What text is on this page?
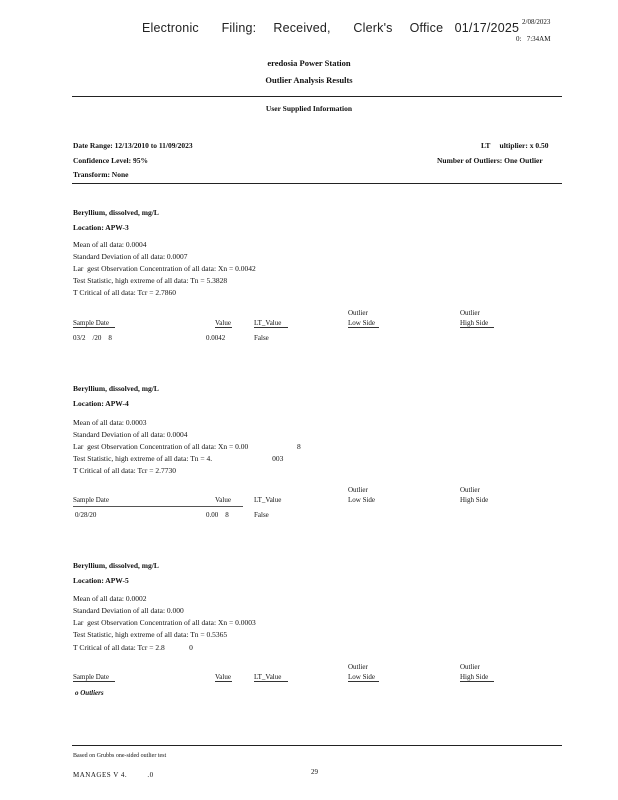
Electronic    Filing:   Received,    Clerk's   Office  01/17/2025 2/08/2023
0:   7:34AM
eredosia Power Station
Outlier Analysis Results
User Supplied Information
Date Range: 12/13/2010 to 11/09/2023
Confidence Level: 95%
Transform: None
LT     ultiplier: x 0.50
Number of Outliers: One Outlier
Beryllium, dissolved, mg/L
Location: APW-3
Mean of all data: 0.0004
Standard Deviation of all data: 0.0007
Lar  gest Observation Concentration of all data: Xn = 0.0042
Test Statistic, high extreme of all data: Tn = 5.3828
T Critical of all data: Tcr = 2.7860
Outlier	Outlier
Sample Date	Value	LT_Value	Low Side	High Side
03/2    /20    8	0.0042	False
Beryllium, dissolved, mg/L
Location: APW-4
Mean of all data: 0.0003
Standard Deviation of all data: 0.0004
Lar  gest Observation Concentration of all data: Xn = 0.00                          8
Test Statistic, high extreme of all data: Tn = 4.                                003
T Critical of all data: Tcr = 2.7730
Outlier	Outlier
Sample Date	Value	LT_Value	Low Side	High Side
0/28/20	0.00    8	False
Beryllium, dissolved, mg/L
Location: APW-5
Mean of all data: 0.0002
Standard Deviation of all data: 0.000
Lar  gest Observation Concentration of all data: Xn = 0.0003
Test Statistic, high extreme of all data: Tn = 0.5365
T Critical of all data: Tcr = 2.8             0
Outlier	Outlier
Sample Date	Value	LT_Value	Low Side	High Side
o Outliers
Based on Grubbs one-sided outlier test
MANAGES V 4.         .0	29
